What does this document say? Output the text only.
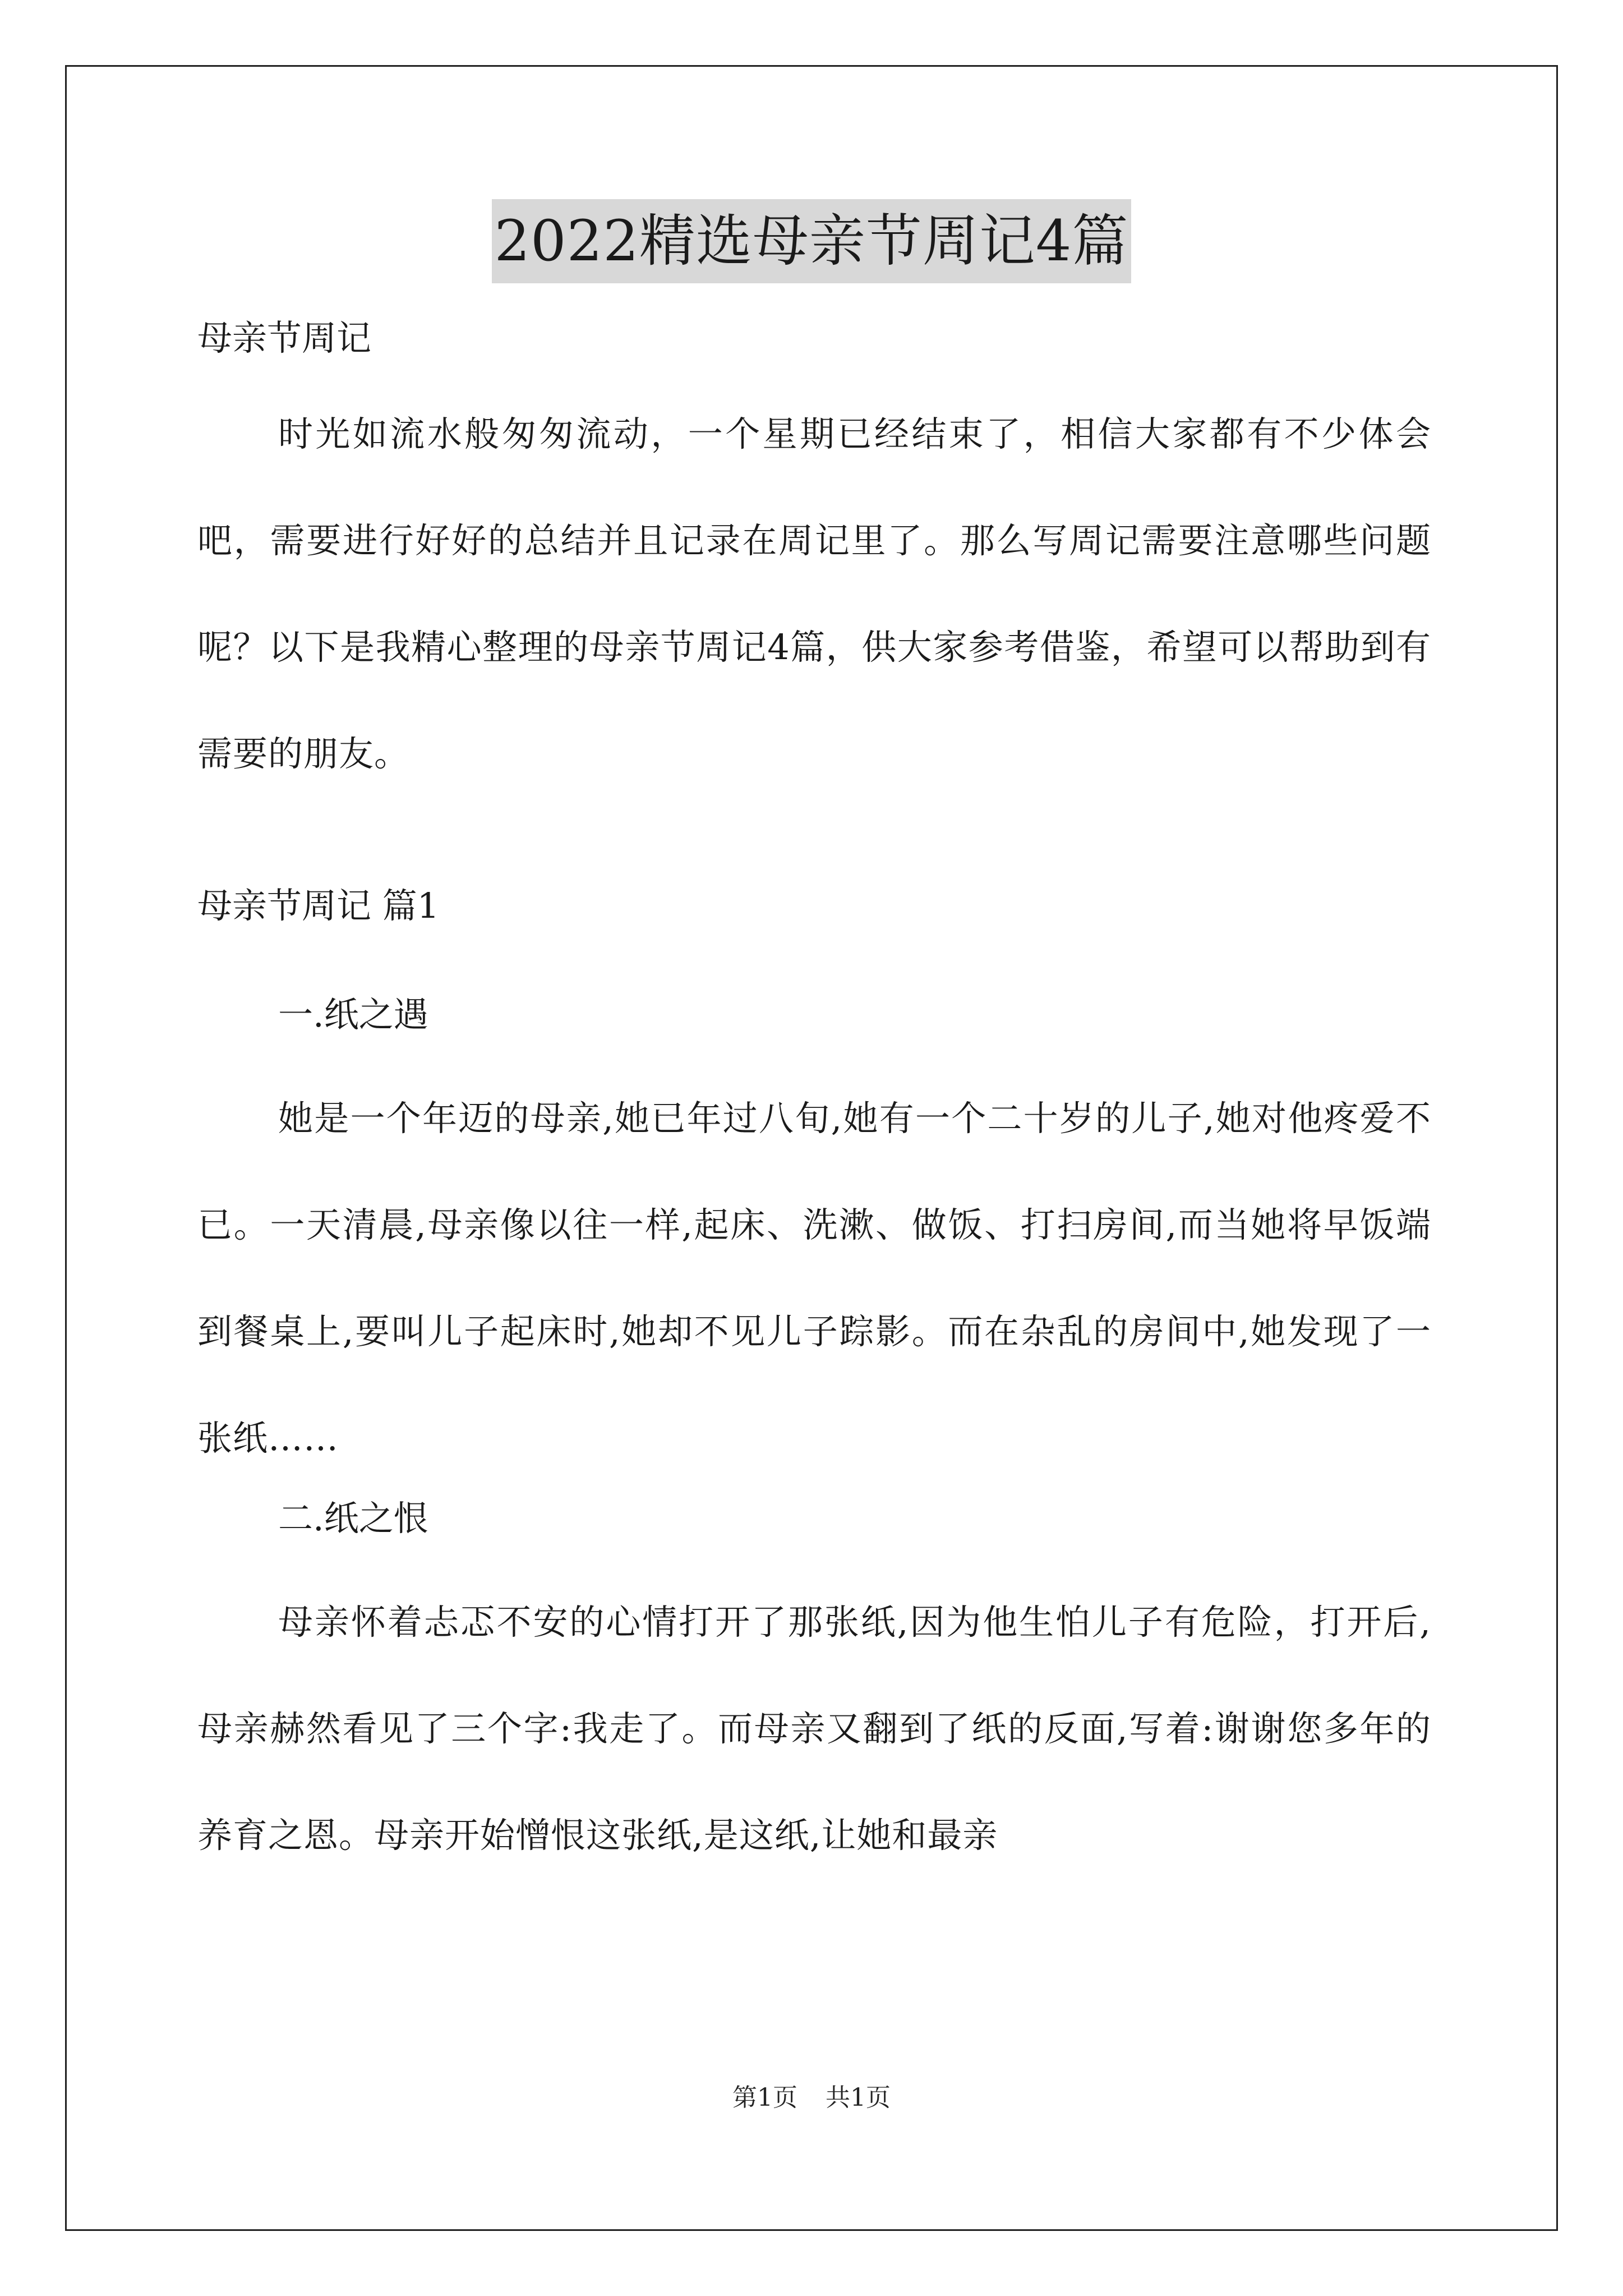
2022精选母亲节周记4篇
母亲节周记

时光如流水般匆匆流动，一个星期已经结束了，相信大家都有不少体会吧，需要进行好好的总结并且记录在周记里了。那么写周记需要注意哪些问题呢？以下是我精心整理的母亲节周记4篇，供大家参考借鉴，希望可以帮助到有需要的朋友。

母亲节周记 篇1
一.纸之遇

她是一个年迈的母亲,她已年过八旬,她有一个二十岁的儿子,她对他疼爱不已。一天清晨,母亲像以往一样,起床、洗漱、做饭、打扫房间,而当她将早饭端到餐桌上,要叫儿子起床时,她却不见儿子踪影。而在杂乱的房间中,她发现了一张纸……

二.纸之恨

母亲怀着忐忑不安的心情打开了那张纸,因为他生怕儿子有危险，打开后,母亲赫然看见了三个字:我走了。而母亲又翻到了纸的反面,写着:谢谢您多年的养育之恩。母亲开始憎恨这张纸,是这纸,让她和最亲

第1页 共1页
